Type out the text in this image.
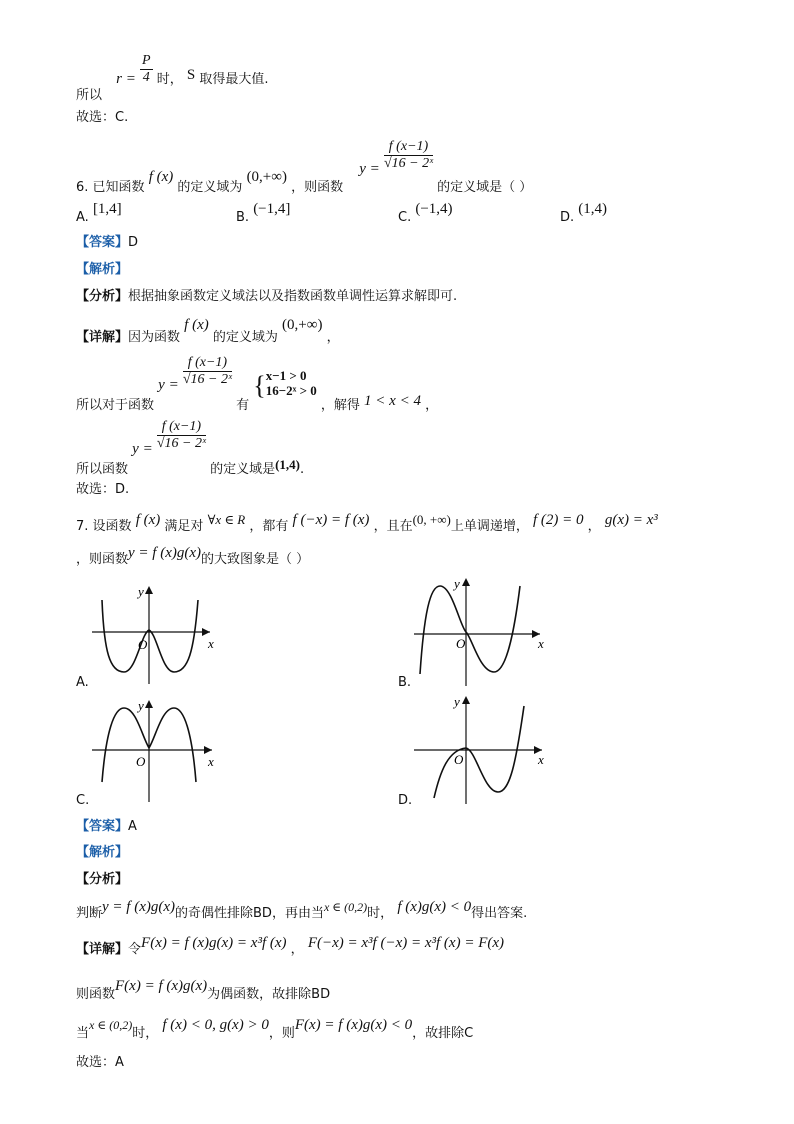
所以 $r = \frac{P}{4}$ 时， S 取得最大值.
故选：C.
6. 已知函数 f (x) 的定义域为 (0,+∞) ，则函数 $y = \frac{f (x-1)}{\text{√16 − 2ˣ}}$
的定义域是（ ）
A. [1,4]
B. (−1,4]
C. (−1,4)
D. (1,4)
【答案】D
【解析】
【分析】根据抽象函数定义域法以及指数函数单调性运算求解即可.
【详解】因为函数 f (x) 的定义域为 (0,+∞) ，
所以对于函数 $y = \frac{f (x-1)}{\text{√16 − 2ˣ}}$
有 {x−1 > 0
16−2ˣ > 0 ，解得 1 < x < 4 ，
所以函数 $y = \frac{f (x-1)}{\text{√16 − 2ˣ}}$
的定义域是(1,4).
故选：D.
7. 设函数 f (x) 满足对 ∀x ∈ R ，都有 f (−x) = f (x) ，且在(0, +∞)上单调递增， f (2) = 0 ， g(x) = x³
，则函数y = f (x)g(x)的大致图象是（ ）
x
y
O
A.
x
y
O
B.
x
y
O
C.
x
y
O
D.
【答案】A
【解析】
【分析】
判断y = f (x)g(x)的奇偶性排除BD，再由当x ∈ (0,2)时， f (x)g(x) < 0得出答案.
【详解】令F(x) = f (x)g(x) = x³f (x) ， F(−x) = x³f (−x) = x³f (x) = F(x)
则函数F(x) = f (x)g(x)为偶函数，故排除BD
当x ∈ (0,2)时， f (x) < 0, g(x) > 0，则F(x) = f (x)g(x) < 0，故排除C
故选：A
